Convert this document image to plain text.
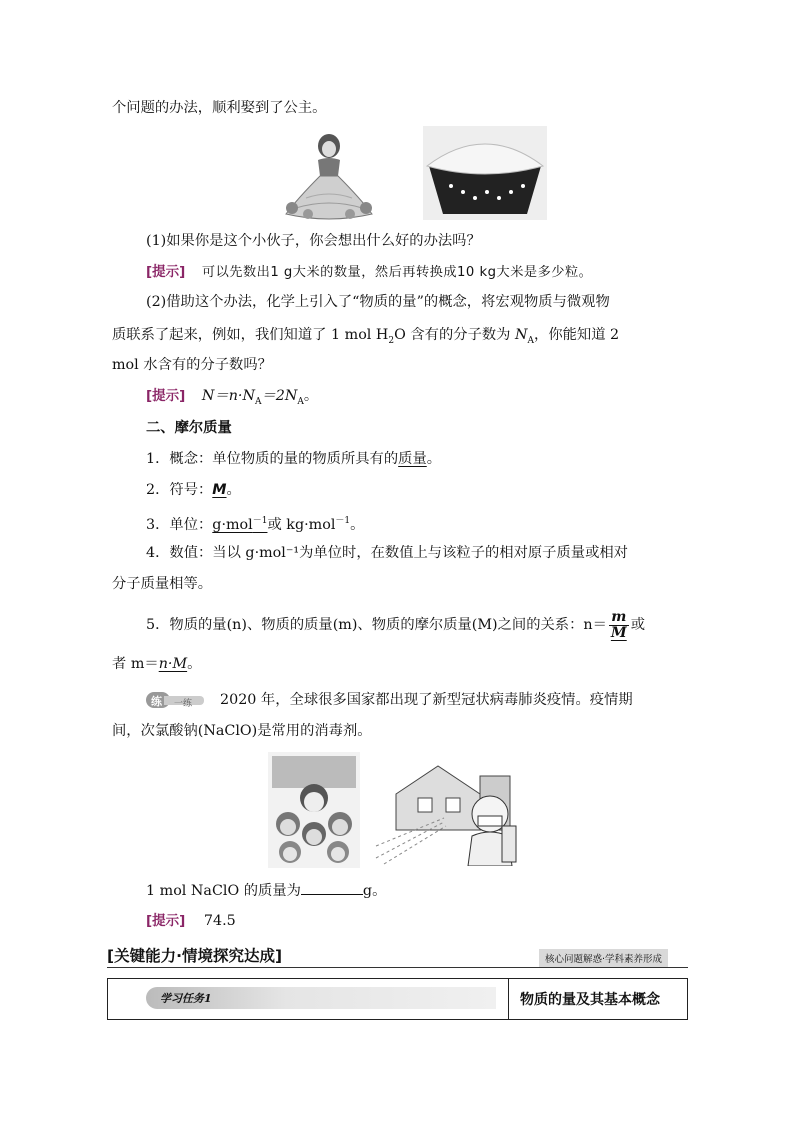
个问题的办法，顺利娶到了公主。
(1)如果你是这个小伙子，你会想出什么好的办法吗？
[提示] 可以先数出1 g大米的数量，然后再转换成10 kg大米是多少粒。
(2)借助这个办法，化学上引入了“物质的量”的概念，将宏观物质与微观物
质联系了起来，例如，我们知道了 1 mol $H_2O$ 含有的分子数为 $N_A$，你能知道 2
mol 水含有的分子数吗？
[提示] $N=n\cdot N_A=2N_A$。
二、摩尔质量
1．概念：单位物质的量的物质所具有的质量。
2．符号：M。
3．单位：g·mol$^{-1}$或 kg·mol$^{-1}$。
4．数值：当以 g·mol⁻¹为单位时，在数值上与该粒子的相对原子质量或相对
分子质量相等。
5．物质的量(n)、物质的质量(m)、物质的摩尔质量(M)之间的关系：$n= \frac{m}{M}$ 或
者 m＝n·M。
练 一练 2020 年，全球很多国家都出现了新型冠状病毒肺炎疫情。疫情期
间，次氯酸钠(NaClO)是常用的消毒剂。
1 mol NaClO 的质量为	g。
[提示] 74.5
[关键能力·情境探究达成]	核心问题解惑·学科素养形成
学习任务1	物质的量及其基本概念
